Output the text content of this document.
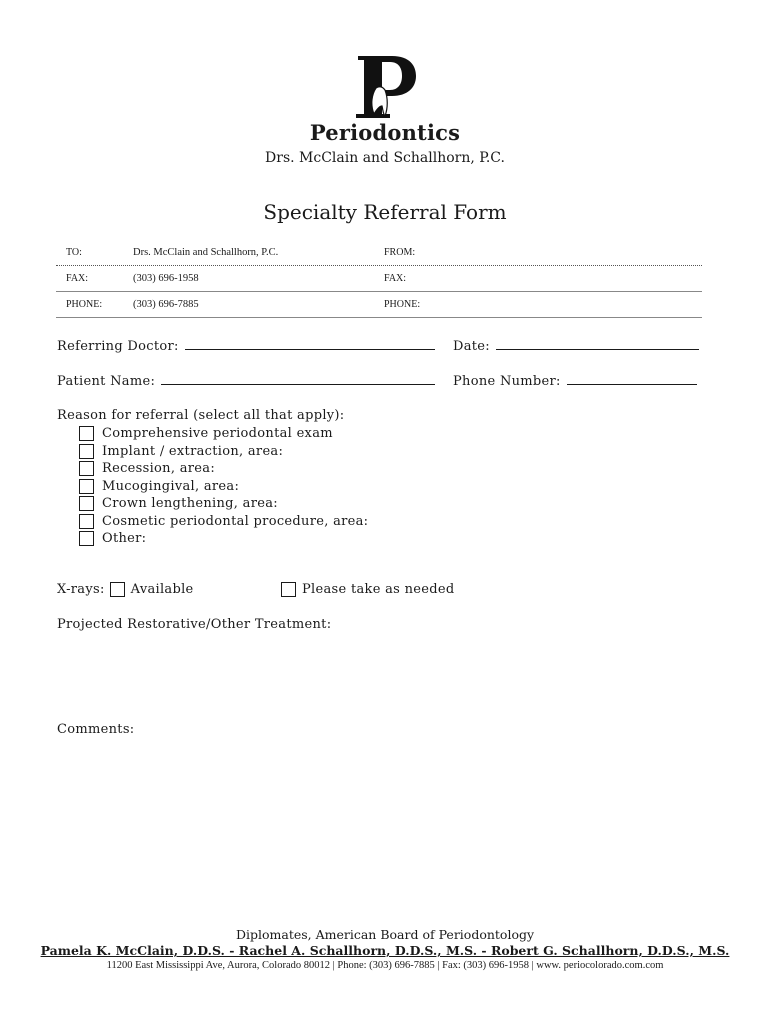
Periodontics
Drs. McClain and Schallhorn, P.C.
Specialty Referral Form
TO:	Drs. McClain and Schallhorn, P.C.	FROM:
FAX:	(303) 696-1958	FAX:
PHONE:	(303) 696-7885	PHONE:
Referring Doctor:	Date:
Patient Name:	Phone Number:
Reason for referral (select all that apply):
Comprehensive periodontal exam
Implant / extraction, area:
Recession, area:
Mucogingival, area:
Crown lengthening, area:
Cosmetic periodontal procedure, area:
Other:
X-rays: Available	Please take as needed
Projected Restorative/Other Treatment:
Comments:
Diplomates, American Board of Periodontology
Pamela K. McClain, D.D.S. - Rachel A. Schallhorn, D.D.S., M.S. - Robert G. Schallhorn, D.D.S., M.S.
11200 East Mississippi Ave, Aurora, Colorado 80012 | Phone: (303) 696-7885 | Fax: (303) 696-1958 | www. periocolorado.com.com
